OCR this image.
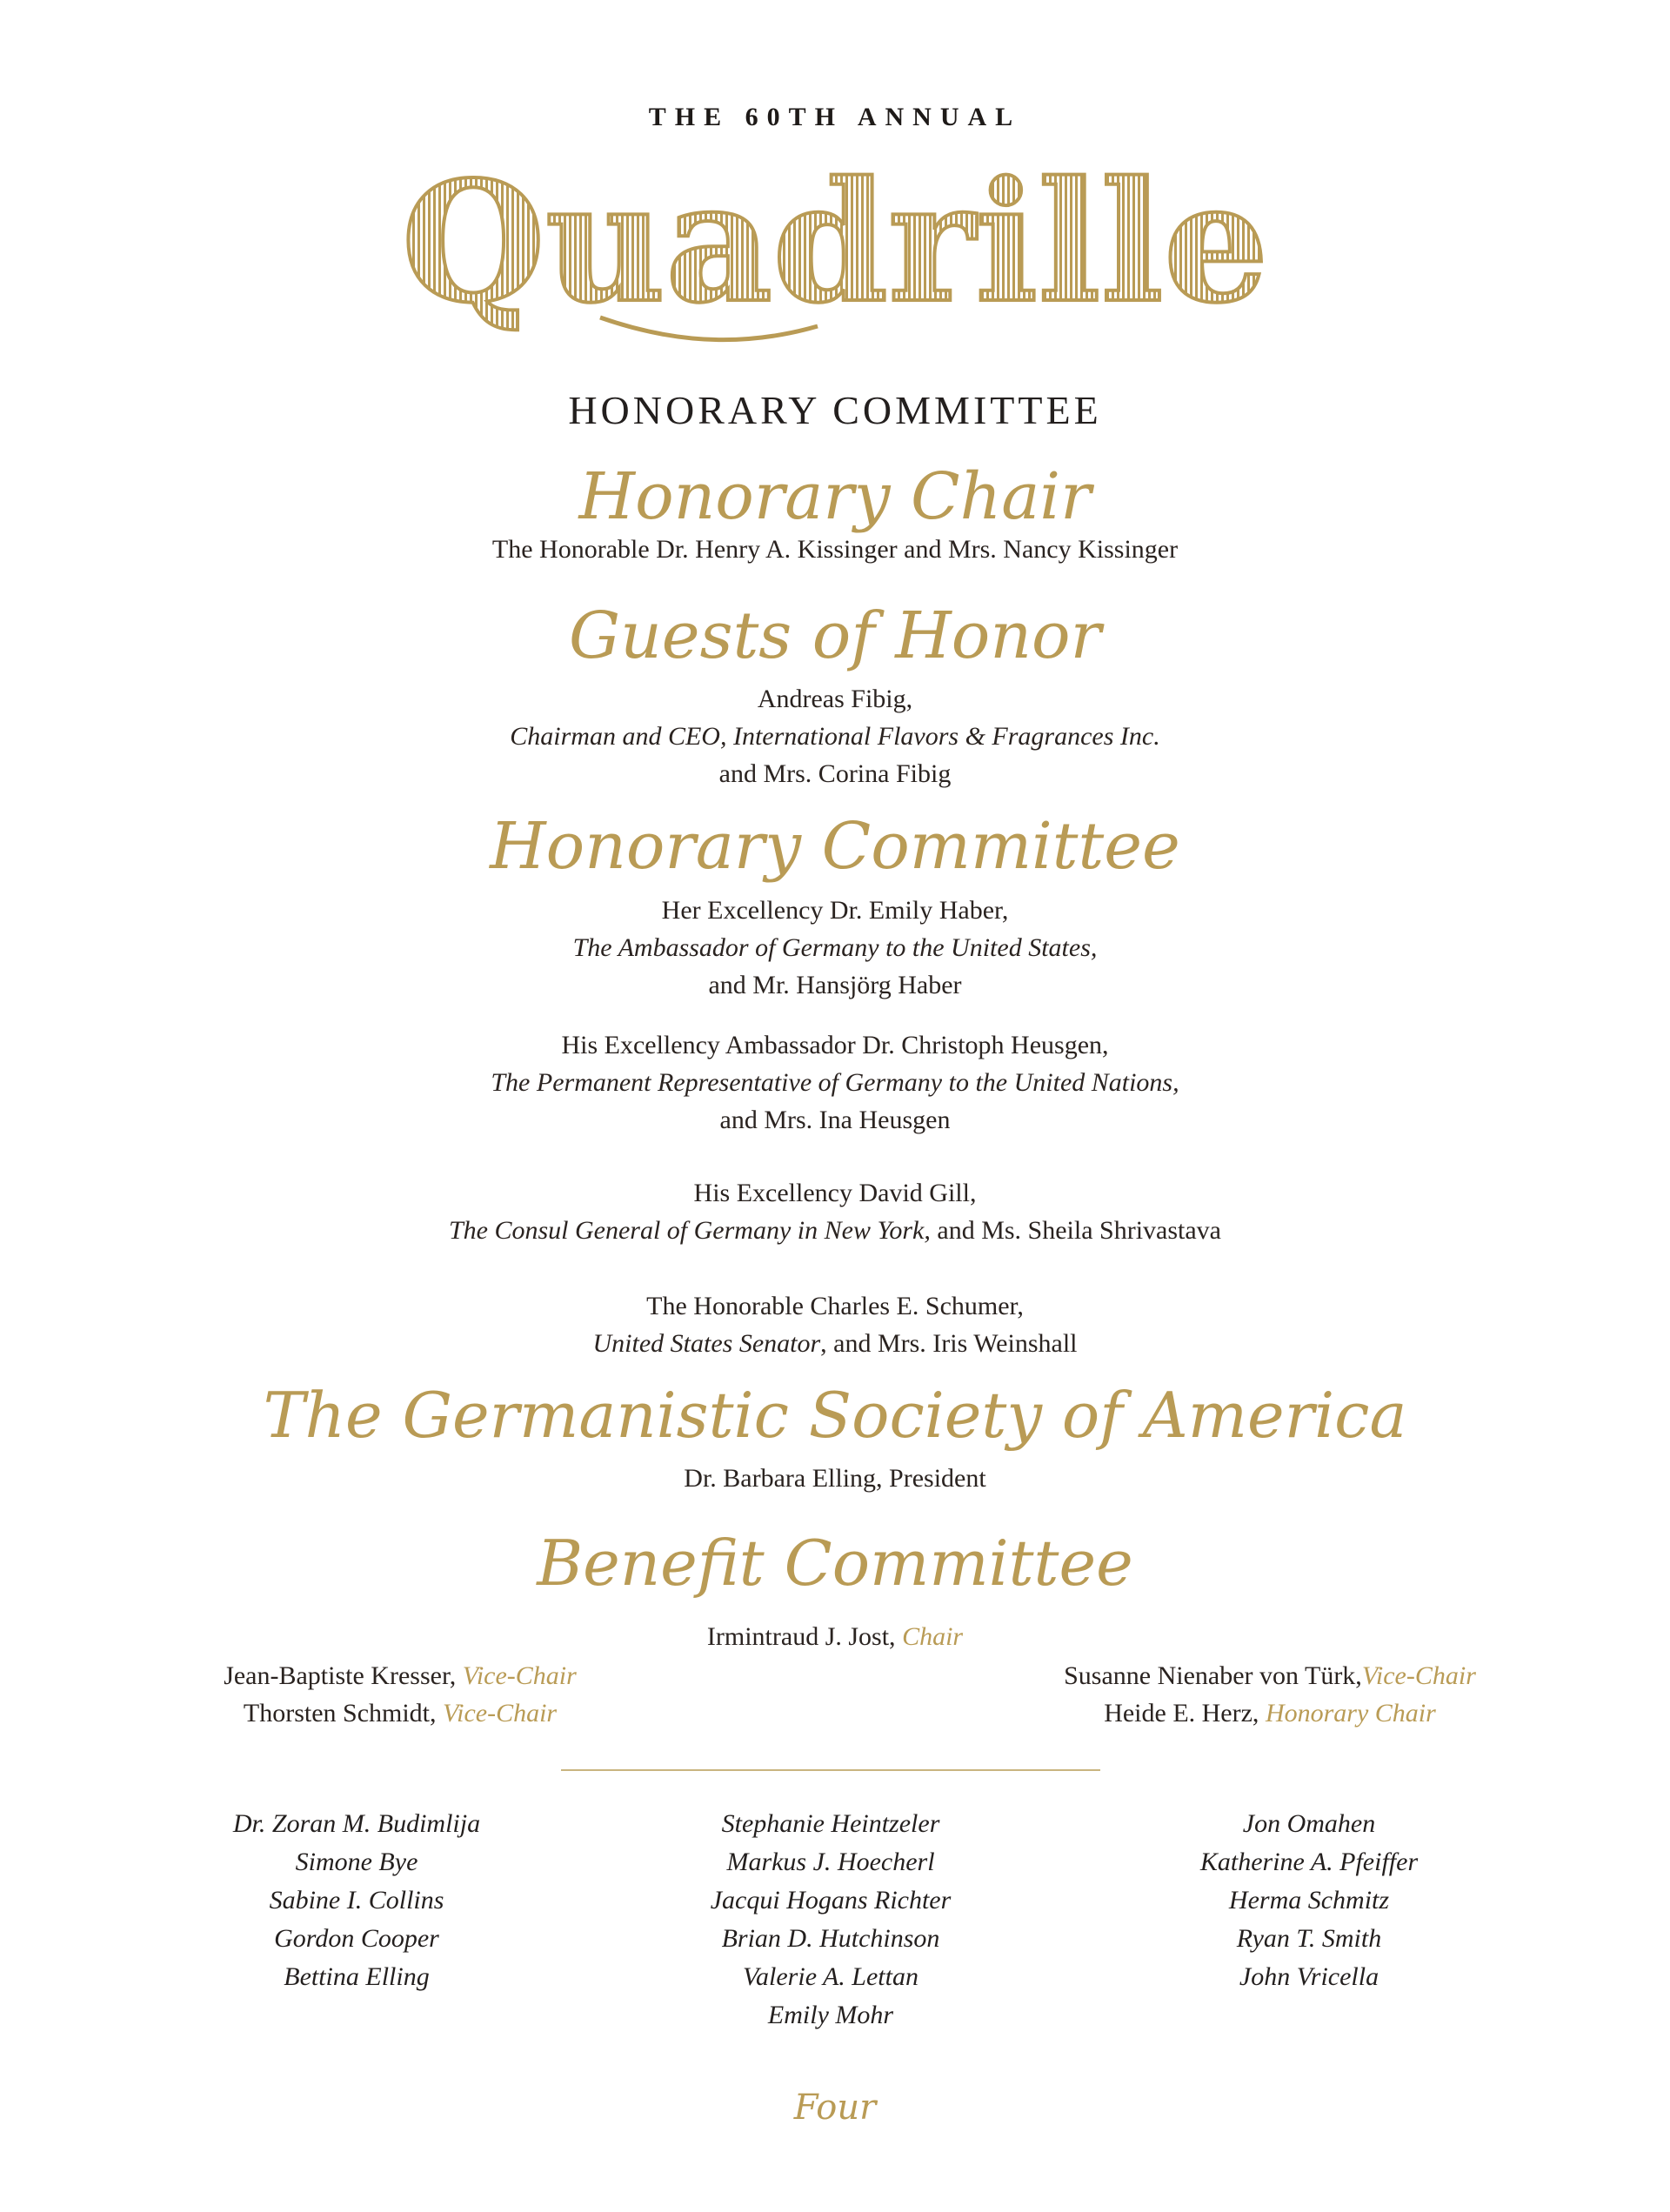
THE 60TH ANNUAL
Quadrille
HONORARY COMMITTEE
Honorary Chair
The Honorable Dr. Henry A. Kissinger and Mrs. Nancy Kissinger
Guests of Honor
Andreas Fibig,
Chairman and CEO, International Flavors & Fragrances Inc.
and Mrs. Corina Fibig
Honorary Committee
Her Excellency Dr. Emily Haber,
The Ambassador of Germany to the United States,
and Mr. Hansjörg Haber
His Excellency Ambassador Dr. Christoph Heusgen,
The Permanent Representative of Germany to the United Nations,
and Mrs. Ina Heusgen
His Excellency David Gill,
The Consul General of Germany in New York, and Ms. Sheila Shrivastava
The Honorable Charles E. Schumer,
United States Senator, and Mrs. Iris Weinshall
The Germanistic Society of America
Dr. Barbara Elling, President
Benefit Committee
Irmintraud J. Jost, Chair
Jean-Baptiste Kresser, Vice-Chair
Thorsten Schmidt, Vice-Chair
Susanne Nienaber von Türk,Vice-Chair
Heide E. Herz, Honorary Chair
Dr. Zoran M. Budimlija
Simone Bye
Sabine I. Collins
Gordon Cooper
Bettina Elling
Stephanie Heintzeler
Markus J. Hoecherl
Jacqui Hogans Richter
Brian D. Hutchinson
Valerie A. Lettan
Emily Mohr
Jon Omahen
Katherine A. Pfeiffer
Herma Schmitz
Ryan T. Smith
John Vricella
Four
